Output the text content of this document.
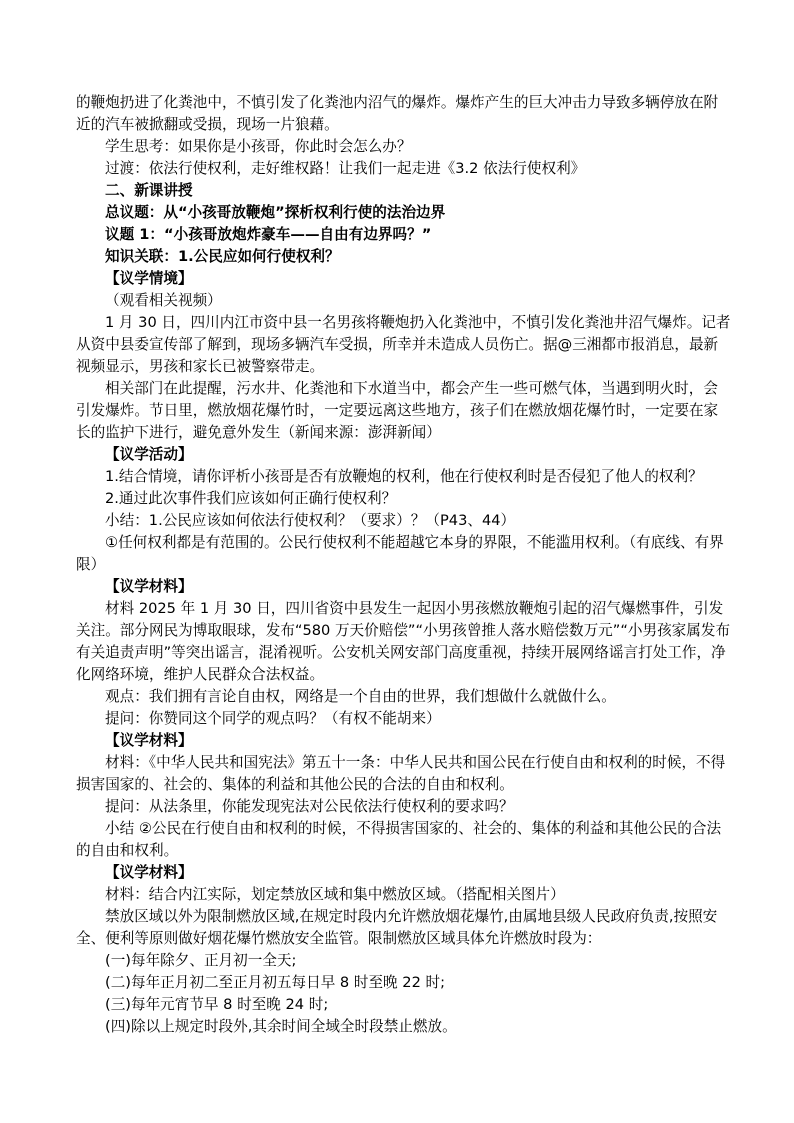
的鞭炮扔进了化粪池中，不慎引发了化粪池内沼气的爆炸。爆炸产生的巨大冲击力导致多辆停放在附近的汽车被掀翻或受损，现场一片狼藉。

学生思考：如果你是小孩哥，你此时会怎么办？

过渡：依法行使权利，走好维权路！让我们一起走进《3.2 依法行使权利》

二、新课讲授

总议题：从“小孩哥放鞭炮”探析权利行使的法治边界

议题 1：“小孩哥放炮炸豪车——自由有边界吗？”

知识关联：1.公民应如何行使权利？

【议学情境】

（观看相关视频）

1 月 30 日，四川内江市资中县一名男孩将鞭炮扔入化粪池中，不慎引发化粪池井沼气爆炸。记者从资中县委宣传部了解到，现场多辆汽车受损，所幸并未造成人员伤亡。据@三湘都市报消息，最新视频显示，男孩和家长已被警察带走。

相关部门在此提醒，污水井、化粪池和下水道当中，都会产生一些可燃气体，当遇到明火时，会引发爆炸。节日里，燃放烟花爆竹时，一定要远离这些地方，孩子们在燃放烟花爆竹时，一定要在家长的监护下进行，避免意外发生（新闻来源：澎湃新闻）

【议学活动】

1.结合情境，请你评析小孩哥是否有放鞭炮的权利，他在行使权利时是否侵犯了他人的权利？

2.通过此次事件我们应该如何正确行使权利？

小结：1.公民应该如何依法行使权利？（要求）？（P43、44）

①任何权利都是有范围的。公民行使权利不能超越它本身的界限，不能滥用权利。（有底线、有界限）

【议学材料】

材料 2025 年 1 月 30 日，四川省资中县发生一起因小男孩燃放鞭炮引起的沼气爆燃事件，引发关注。部分网民为博取眼球，发布“580 万天价赔偿”“小男孩曾推人落水赔偿数万元”“小男孩家属发布有关追责声明”等突出谣言，混淆视听。公安机关网安部门高度重视，持续开展网络谣言打处工作，净化网络环境，维护人民群众合法权益。

观点：我们拥有言论自由权，网络是一个自由的世界，我们想做什么就做什么。

提问：你赞同这个同学的观点吗？（有权不能胡来）

【议学材料】

材料：《中华人民共和国宪法》第五十一条：中华人民共和国公民在行使自由和权利的时候，不得损害国家的、社会的、集体的利益和其他公民的合法的自由和权利。

提问：从法条里，你能发现宪法对公民依法行使权利的要求吗？

小结 ②公民在行使自由和权利的时候，不得损害国家的、社会的、集体的利益和其他公民的合法的自由和权利。

【议学材料】

材料：结合内江实际，划定禁放区域和集中燃放区域。（搭配相关图片）

禁放区域以外为限制燃放区域,在规定时段内允许燃放烟花爆竹,由属地县级人民政府负责,按照安全、便利等原则做好烟花爆竹燃放安全监管。限制燃放区域具体允许燃放时段为：

(一)每年除夕、正月初一全天;

(二)每年正月初二至正月初五每日早 8 时至晚 22 时;

(三)每年元宵节早 8 时至晚 24 时;

(四)除以上规定时段外,其余时间全域全时段禁止燃放。
